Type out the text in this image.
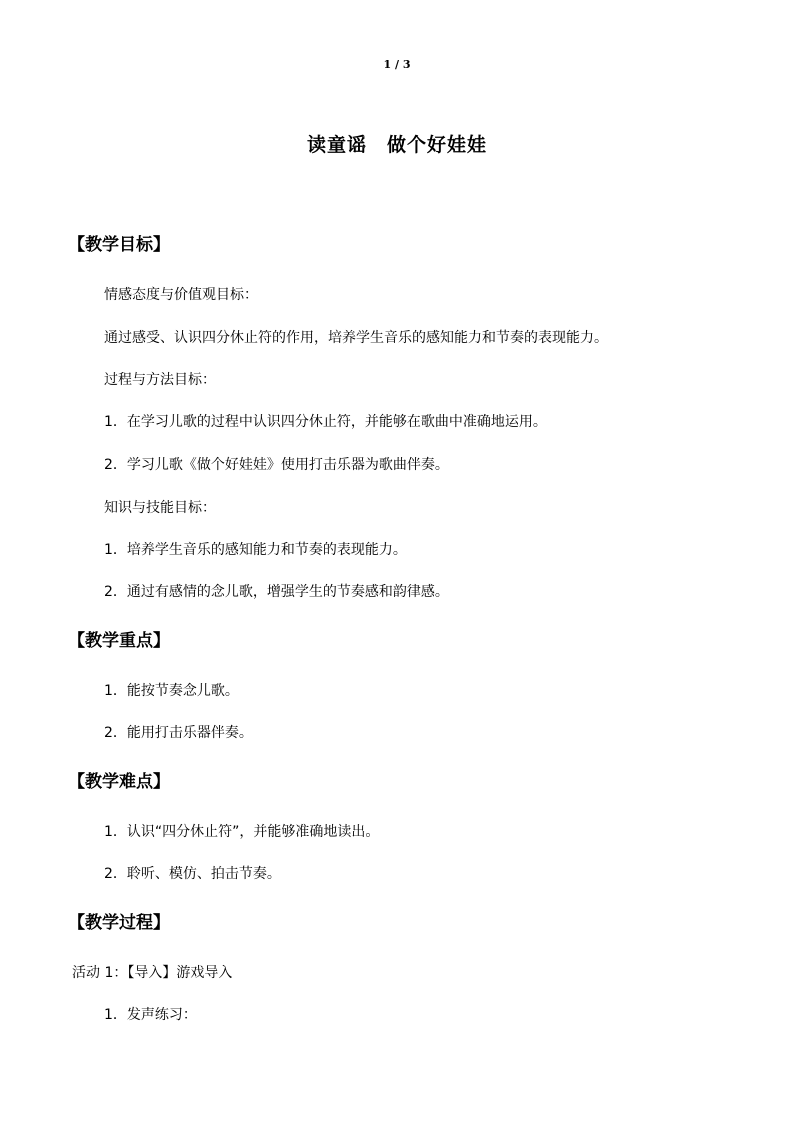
1 / 3
读童谣　做个好娃娃
【教学目标】
情感态度与价值观目标：
通过感受、认识四分休止符的作用，培养学生音乐的感知能力和节奏的表现能力。
过程与方法目标：
1．在学习儿歌的过程中认识四分休止符，并能够在歌曲中准确地运用。
2．学习儿歌《做个好娃娃》使用打击乐器为歌曲伴奏。
知识与技能目标：
1．培养学生音乐的感知能力和节奏的表现能力。
2．通过有感情的念儿歌，增强学生的节奏感和韵律感。
【教学重点】
1．能按节奏念儿歌。
2．能用打击乐器伴奏。
【教学难点】
1．认识“四分休止符”，并能够准确地读出。
2．聆听、模仿、拍击节奏。
【教学过程】
活动 1：【导入】游戏导入
1．发声练习：
